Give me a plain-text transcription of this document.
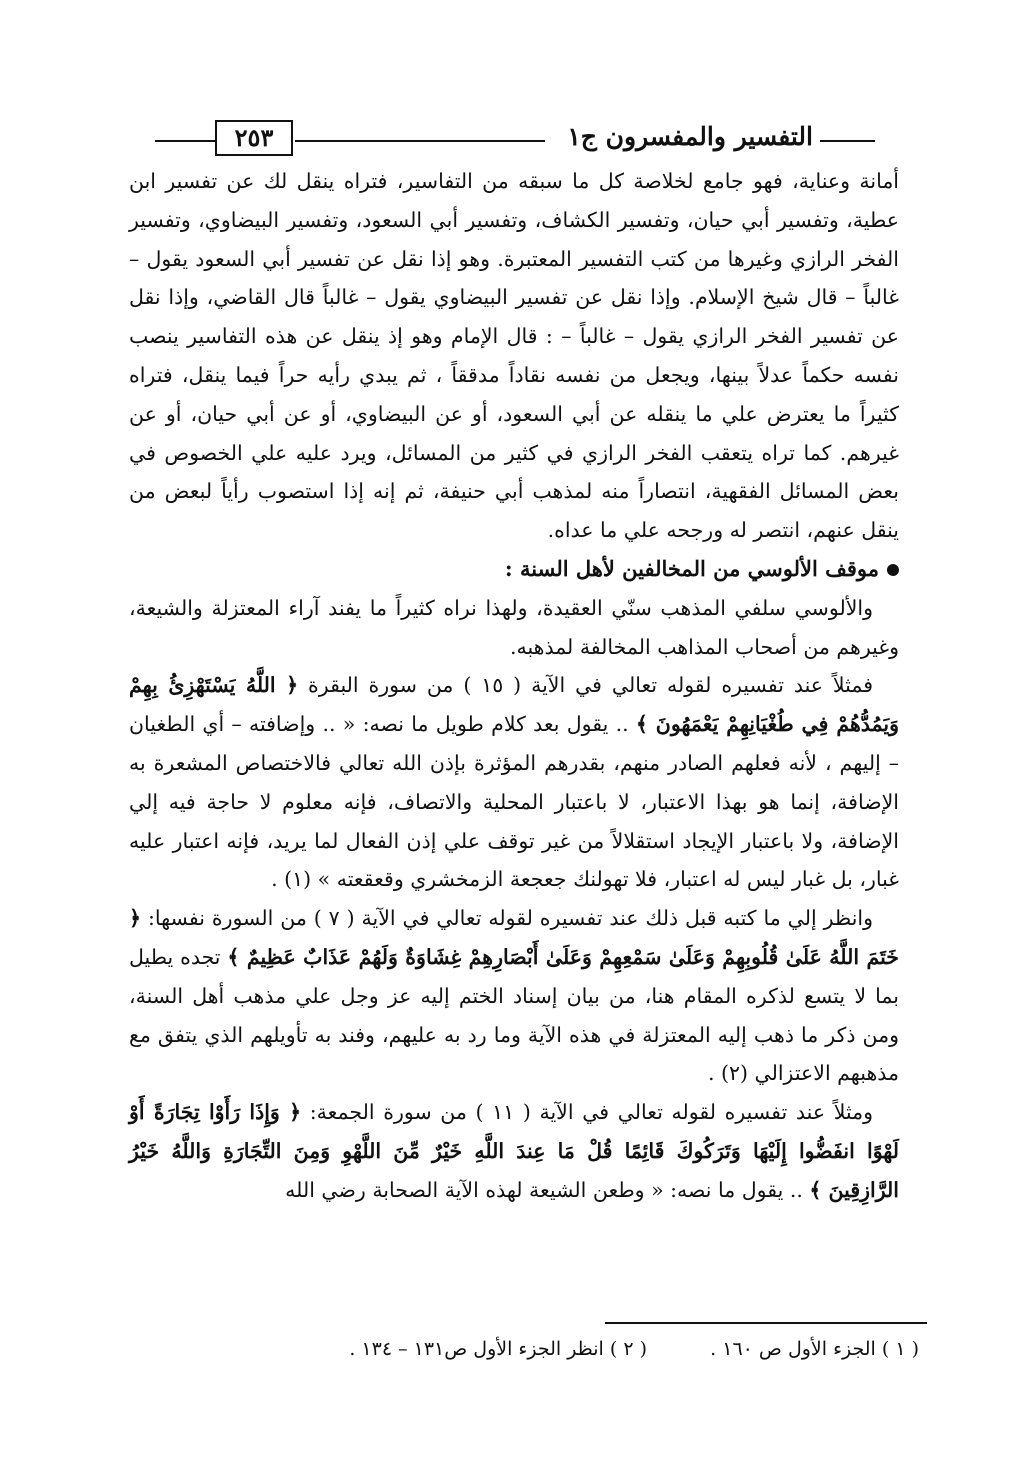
التفسير والمفسرون ج١
٢٥٣

أمانة وعناية، فهو جامع لخلاصة كل ما سبقه من التفاسير، فتراه ينقل لك عن تفسير ابن عطية، وتفسير أبي حيان، وتفسير الكشاف، وتفسير أبي السعود، وتفسير البيضاوي، وتفسير الفخر الرازي وغيرها من كتب التفسير المعتبرة. وهو إذا نقل عن تفسير أبي السعود يقول – غالباً – قال شيخ الإسلام. وإذا نقل عن تفسير البيضاوي يقول – غالباً قال القاضي، وإذا نقل عن تفسير الفخر الرازي يقول – غالباً – : قال الإمام وهو إذ ينقل عن هذه التفاسير ينصب نفسه حكماً عدلاً بينها، ويجعل من نفسه نقاداً مدققاً ، ثم يبدي رأيه حراً فيما ينقل، فتراه كثيراً ما يعترض علي ما ينقله عن أبي السعود، أو عن البيضاوي، أو عن أبي حيان، أو عن غيرهم. كما تراه يتعقب الفخر الرازي في كثير من المسائل، ويرد عليه علي الخصوص في بعض المسائل الفقهية، انتصاراً منه لمذهب أبي حنيفة، ثم إنه إذا استصوب رأياً لبعض من ينقل عنهم، انتصر له ورجحه علي ما عداه.

موقف الألوسي من المخالفين لأهل السنة :

والألوسي سلفي المذهب سنّي العقيدة، ولهذا نراه كثيراً ما يفند آراء المعتزلة والشيعة، وغيرهم من أصحاب المذاهب المخالفة لمذهبه.

فمثلاً عند تفسيره لقوله تعالي في الآية ( ١٥ ) من سورة البقرة ﴿ اللَّهُ يَسْتَهْزِئُ بِهِمْ وَيَمُدُّهُمْ فِي طُغْيَانِهِمْ يَعْمَهُونَ ﴾ .. يقول بعد كلام طويل ما نصه: « .. وإضافته – أي الطغيان – إليهم ، لأنه فعلهم الصادر منهم، بقدرهم المؤثرة بإذن الله تعالي فالاختصاص المشعرة به الإضافة، إنما هو بهذا الاعتبار، لا باعتبار المحلية والاتصاف، فإنه معلوم لا حاجة فيه إلي الإضافة، ولا باعتبار الإيجاد استقلالاً من غير توقف علي إذن الفعال لما يريد، فإنه اعتبار عليه غبار، بل غبار ليس له اعتبار، فلا تهولنك جعجعة الزمخشري وقعقعته » (١) .

وانظر إلي ما كتبه قبل ذلك عند تفسيره لقوله تعالي في الآية ( ٧ ) من السورة نفسها: ﴿ خَتَمَ اللَّهُ عَلَىٰ قُلُوبِهِمْ وَعَلَىٰ سَمْعِهِمْ وَعَلَىٰ أَبْصَارِهِمْ غِشَاوَةٌ وَلَهُمْ عَذَابٌ عَظِيمٌ ﴾ تجده يطيل بما لا يتسع لذكره المقام هنا، من بيان إسناد الختم إليه عز وجل علي مذهب أهل السنة، ومن ذكر ما ذهب إليه المعتزلة في هذه الآية وما رد به عليهم، وفند به تأويلهم الذي يتفق مع مذهبهم الاعتزالي (٢) .

ومثلاً عند تفسيره لقوله تعالي في الآية ( ١١ ) من سورة الجمعة: ﴿ وَإِذَا رَأَوْا تِجَارَةً أَوْ لَهْوًا انفَضُّوا إِلَيْهَا وَتَرَكُوكَ قَائِمًا قُلْ مَا عِندَ اللَّهِ خَيْرٌ مِّنَ اللَّهْوِ وَمِنَ التِّجَارَةِ وَاللَّهُ خَيْرُ الرَّازِقِينَ ﴾ .. يقول ما نصه: « وطعن الشيعة لهذه الآية الصحابة رضي الله

( ١ ) الجزء الأول ص ١٦٠ .
( ٢ ) انظر الجزء الأول ص١٣١ – ١٣٤ .
